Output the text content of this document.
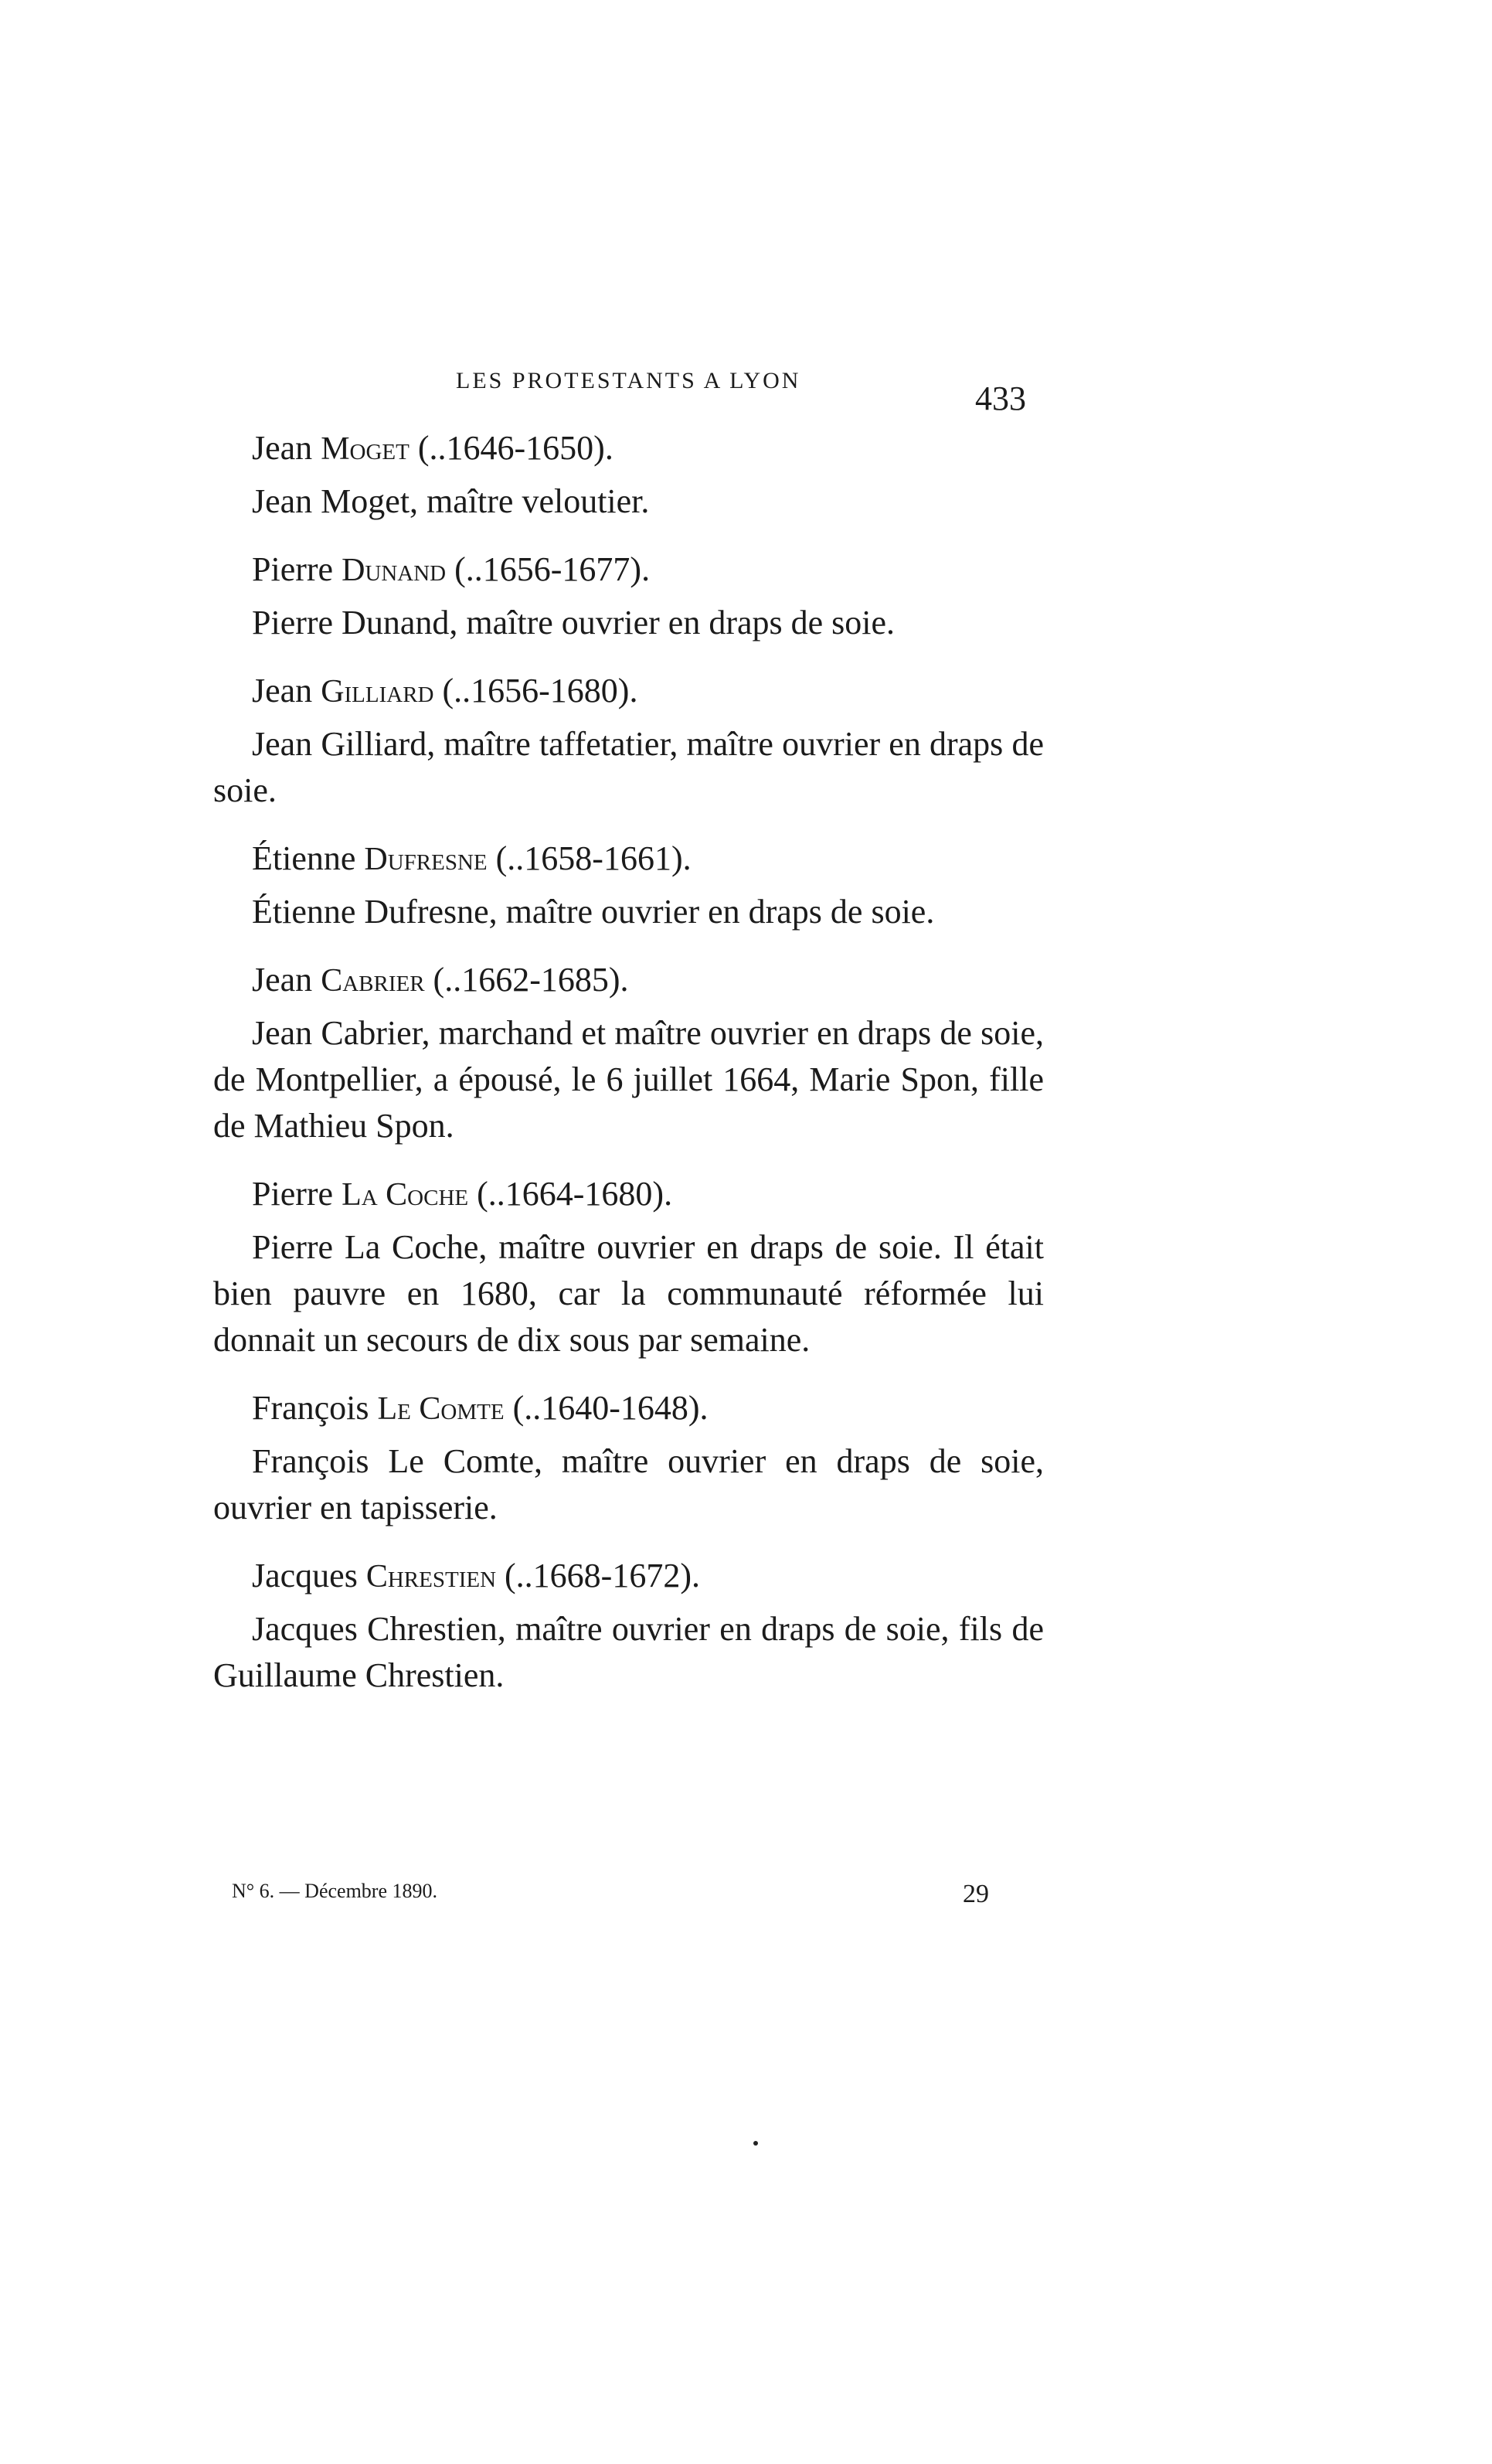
LES PROTESTANTS A LYON	433

Jean Moget (..1646-1650).

Jean Moget, maître veloutier.

Pierre Dunand (..1656-1677).

Pierre Dunand, maître ouvrier en draps de soie.

Jean Gilliard (..1656-1680).

Jean Gilliard, maître taffetatier, maître ouvrier en draps de soie.

Étienne Dufresne (..1658-1661).

Étienne Dufresne, maître ouvrier en draps de soie.

Jean Cabrier (..1662-1685).

Jean Cabrier, marchand et maître ouvrier en draps de soie, de Montpellier, a épousé, le 6 juillet 1664, Marie Spon, fille de Mathieu Spon.

Pierre La Coche (..1664-1680).

Pierre La Coche, maître ouvrier en draps de soie. Il était bien pauvre en 1680, car la communauté réformée lui donnait un secours de dix sous par semaine.

François Le Comte (..1640-1648).

François Le Comte, maître ouvrier en draps de soie, ouvrier en tapisserie.

Jacques Chrestien (..1668-1672).

Jacques Chrestien, maître ouvrier en draps de soie, fils de Guillaume Chrestien.

N° 6. — Décembre 1890.	29
